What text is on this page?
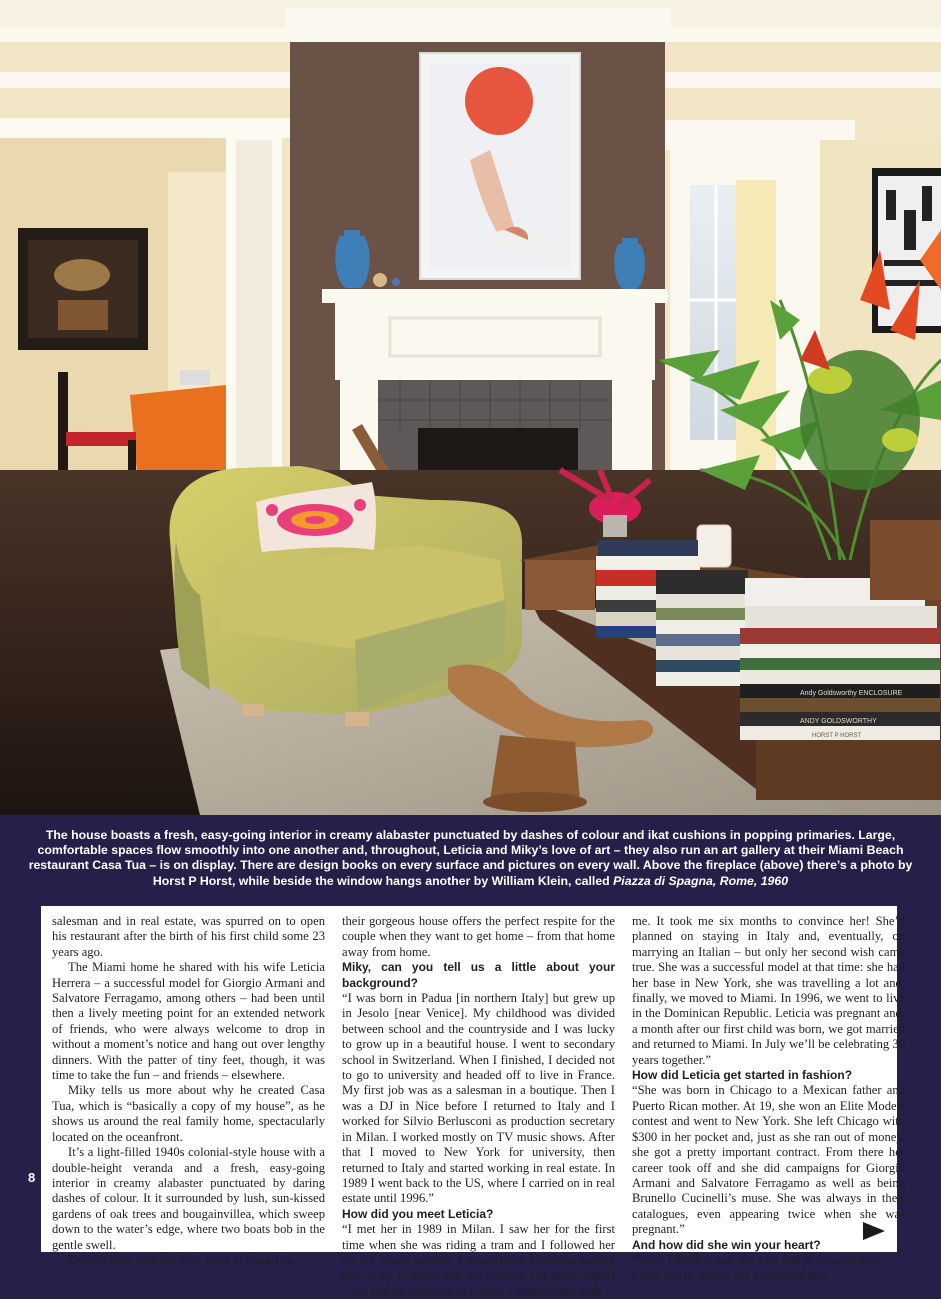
Andy Goldsworthy ENCLOSURE
ANDY GOLDSWORTHY
HORST P HORST
The house boasts a fresh, easy-going interior in creamy alabaster punctuated by dashes of colour and ikat cushions in popping primaries. Large, comfortable spaces flow smoothly into one another and, throughout, Leticia and Miky’s love of art – they also run an art gallery at their Miami Beach restaurant Casa Tua – is on display. There are design books on every surface and pictures on every wall. Above the fireplace (above) there’s a photo by Horst P Horst, while beside the window hangs another by William Klein, called Piazza di Spagna, Rome, 1960
8

salesman and in real estate, was spurred on to open his restaurant after the birth of his first child some 23 years ago.

The Miami home he shared with his wife Leticia Herrera – a successful model for Giorgio Armani and Salvatore Ferragamo, among others – had been until then a lively meeting point for an extended network of friends, who were always welcome to drop in without a moment’s notice and hang out over lengthy dinners. With the patter of tiny feet, though, it was time to take the fun – and friends – elsewhere.

Miky tells us more about why he created Casa Tua, which is “basically a copy of my house”, as he shows us around the real family home, spectacularly located on the oceanfront.

It’s a light-filled 1940s colonial-style house with a double-height veranda and a fresh, easy-going interior in creamy alabaster punctuated by daring dashes of colour. It it surrounded by lush, sun-kissed gardens of oak trees and bougainvillea, which sweep down to the water’s edge, where two boats bob in the gentle swell.

Despite their love for their work at Casa Tua,

their gorgeous house offers the perfect respite for the couple when they want to get home – from that home away from home.

Miky, can you tell us a little about your background?

“I was born in Padua [in northern Italy] but grew up in Jesolo [near Venice]. My childhood was divided between school and the countryside and I was lucky to grow up in a beautiful house. I went to secondary school in Switzerland. When I finished, I decided not to go to university and headed off to live in France. My first job was as a salesman in a boutique. Then I was a DJ in Nice before I returned to Italy and I worked for Silvio Berlusconi as production secretary in Milan. I worked mostly on TV music shows. After that I moved to New York for university, then returned to Italy and started working in real estate. In 1989 I went back to the US, where I carried on in real estate until 1996.”

How did you meet Leticia?

“I met her in 1989 in Milan. I saw her for the first time when she was riding a tram and I followed her on my Vespa scooter. I organised a fictitious casting just to get to know her. We became just good friends – she had no intention of having a relationship with

me. It took me six months to convince her! She’d planned on staying in Italy and, eventually, on marrying an Italian – but only her second wish came true. She was a successful model at that time: she had her base in New York, she was travelling a lot and, finally, we moved to Miami. In 1996, we went to live in the Dominican Republic. Leticia was pregnant and, a month after our first child was born, we got married and returned to Miami. In July we’ll be celebrating 30 years together.”

How did Leticia get started in fashion?

“She was born in Chicago to a Mexican father and Puerto Rican mother. At 19, she won an Elite Models contest and went to New York. She left Chicago with $300 in her pocket and, just as she ran out of money, she got a pretty important contract. From there her career took off and she did campaigns for Giorgio Armani and Salvatore Ferragamo as well as being Brunello Cucinelli’s muse. She was always in their catalogues, even appearing twice when she was pregnant.”

And how did she win your heart?

“Well, I think it was me who had to conquer her. I took her to Venice for a weekend and
